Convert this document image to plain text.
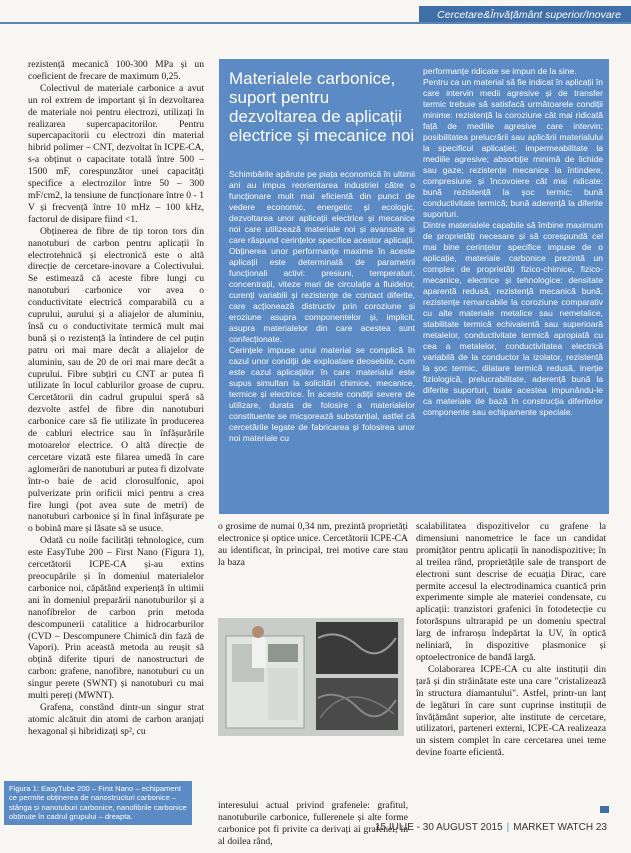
Cercetare&Învățământ superior/Inovare

rezistență mecanică 100-300 MPa și un coeficient de frecare de maximum 0,25.

Colectivul de materiale carbonice a avut un rol extrem de important și în dezvoltarea de materiale noi pentru electrozi, utilizați în realizarea supercapacitorilor. Pentru supercapacitorii cu electrozi din material hibrid polimer – CNT, dezvoltat în ICPE-CA, s-a obținut o capacitate totală între 500 – 1500 mF, corespunzător unei capacități specifice a electrozilor între 50 – 300 mF/cm2, la tensiune de funcționare între 0 - 1 V și frecvență între 10 mHz – 100 kHz, factorul de disipare fiind <1.

Obținerea de fibre de tip toron tors din nanotuburi de carbon pentru aplicații în electrotehnică și electronică este o altă direcție de cercetare-inovare a Colectivului. Se estimează că aceste fibre lungi cu nanotuburi carbonice vor avea o conductivitate electrică comparabilă cu a cuprului, aurului și a aliajelor de aluminiu, însă cu o conductivitate termică mult mai bună și o rezistență la întindere de cel puțin patru ori mai mare decât a aliajelor de aluminiu, sau de 20 de ori mai mare decât a cuprului. Fibre subțiri cu CNT ar putea fi utilizate în locul cablurilor groase de cupru. Cercetătorii din cadrul grupului speră să dezvolte astfel de fibre din nanotuburi carbonice care să fie utilizate în producerea de cabluri electrice sau în înfășurările motoarelor electrice. O altă direcție de cercetare vizată este filarea umedă în care aglomerări de nanotuburi ar putea fi dizolvate într-o baie de acid clorosulfonic, apoi pulverizate prin orificii mici pentru a crea fire lungi (pot avea sute de metri) de nanotuburi carbonice și în final înfășurate pe o bobină mare și lăsate să se usuce.

Odată cu noile facilități tehnologice, cum este EasyTube 200 – First Nano (Figura 1), cercetătorii ICPE-CA și-au extins preocupările și în domeniul materialelor carbonice noi, căpătând experiență în ultimii ani în domeniul preparării nanotuburilor și a nanofibrelor de carbon prin metoda descompunerii catalitice a hidrocarburilor (CVD – Descompunere Chimică din fază de Vapori). Prin această metoda au reușit să obțină diferite tipuri de nanostructuri de carbon: grafene, nanofibre, nanotuburi cu un singur perete (SWNT) și nanotuburi cu mai multi pereți (MWNT).

Grafena, constând dintr-un singur strat atomic alcătuit din atomi de carbon aranjați hexagonal și hibridizați sp², cu

Materialele carbonice, suport pentru dezvoltarea de aplicații electrice și mecanice noi

Schimbările apărute pe piața economică în ultimii ani au impus reorientarea industriei către o funcționare mult mai eficientă din punct de vedere economic, energetic și ecologic, dezvoltarea unor aplicații electrice și mecanice noi care utilizează materiale noi și avansate și care răspund cerințelor specifice acestor aplicații.

Obținerea unor performanțe maxime în aceste aplicații este determinată de parametrii funcționali activi: presiuni, temperaturi, concentrații, viteze mari de circulație a fluidelor, curenți variabili și rezistențe de contact diferite, care acționează distructiv prin coroziune și eroziune asupra componentelor și, implicit, asupra materialelor din care acestea sunt confecționate.

Cerințele impuse unui material se complică în cazul unor condiții de exploatare deosebite, cum este cazul aplicațiilor în care materialul este supus simultan la solicitări chimice, mecanice, termice și electrice. În aceste condiții severe de utilizare, durata de folosire a materialelor constituente se micșorează substanțial, astfel că cercetările legate de fabricarea și folosirea unor noi materiale cu

performanțe ridicate se impun de la sine.

Pentru ca un material să fie indicat în aplicații în care intervin medii agresive și de transfer termic trebuie să satisfacă următoarele condiții minime: rezistență la coroziune cât mai ridicată față de mediile agresive care intervin; posibilitatea prelucrării sau aplicării materialului la specificul aplicației; impermeabilitate la mediile agresive; absorbție minimă de lichide sau gaze; rezistențe mecanice la întindere, compresiune și încovoiere cât mai ridicate: bună rezistență la șoc termic; bună conductivitate termică; bună aderență la diferite suporturi.

Dintre materialele capabile să îmbine maximum de proprietăți necesare și să corespundă cel mai bine cerințelor specifice impuse de o aplicație, materiale carbonice prezintă un complex de proprietăți fizico-chimice, fizico-mecanice, electrice și tehnologice: densitate aparentă redusă, rezistență mecanică bună, rezistențe remarcabile la coroziune comparativ cu alte materiale metalice sau nemetalice, stabilitate termică echivalentă sau superioară metalelor, conductivitate termică apropiată cu cea a metalelor, conductivitatea electrică variabilă de la conductor la izolator, rezistență la șoc termic, dilatare termică redusă, inerție fiziologică, prelucrabilitate, aderență bună la diferite suporturi, toate acestea impunându-le ca materiale de bază în construcția diferitelor componente sau echipamente speciale.

o grosime de numai 0,34 nm, prezintă proprietăți electronice și optice unice. Cercetătorii ICPE-CA au identificat, în principal, trei motive care stau la baza

Figura 1: EasyTube 200 – First Nano – echipament ce permite obținerea de nanostructuri carbonice – stânga și nanotuburi carbonice, nanofibrile carbonice obținute în cadrul grupului – dreapta.

interesului actual privind grafenele: grafitul, nanotuburile carbonice, fullerenele și alte forme carbonice pot fi privite ca derivați ai grafenei; în al doilea rând,

scalabilitatea dispozitivelor cu grafene la dimensiuni nanometrice le face un candidat promițător pentru aplicații în nanodispozitive; în al treilea rând, proprietățile sale de transport de electroni sunt descrise de ecuația Dirac, care permite accesul la electrodinamica cuantică prin experimente simple ale materiei condensate, cu aplicații: tranzistori grafenici în fotodetecție cu fotorăspuns ultrarapid pe un domeniu spectral larg de infraroșu îndepărtat la UV, în optică neliniară, în dispozitive plasmonice și optoelectronice de bandă largă.

Colaborarea ICPE-CA cu alte instituții din țară și din străinătate este una care "cristalizează în structura diamantului". Astfel, printr-un lanț de legături în care sunt cuprinse instituții de învățământ superior, alte institute de cercetare, utilizatori, parteneri externi, ICPE-CA realizeaza un sistem complet în care cercetarea unei teme devine foarte eficientă.

15 IULIE - 30 AUGUST 2015 | MARKET WATCH 23
